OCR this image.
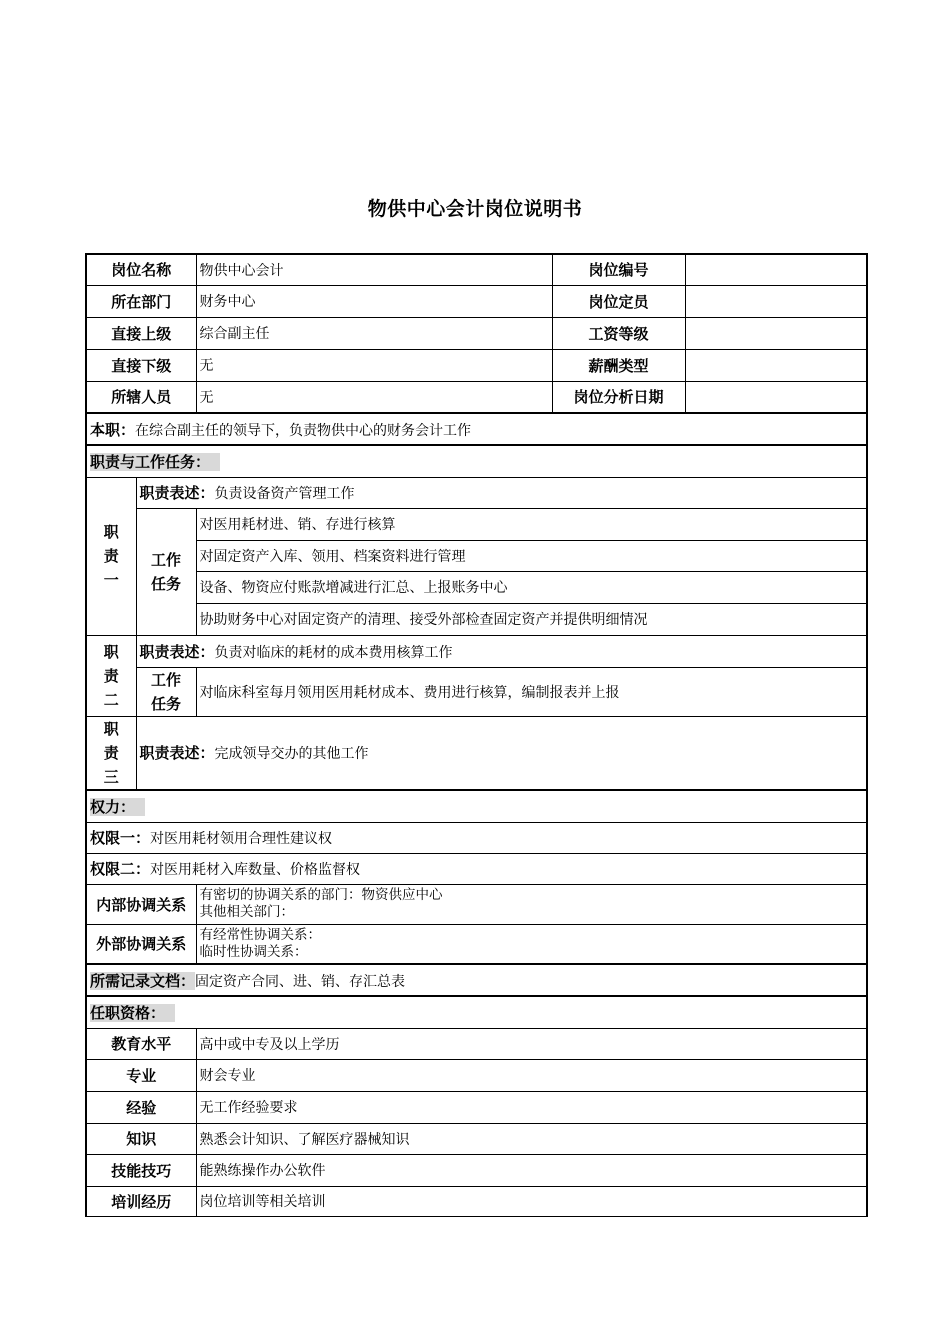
物供中心会计岗位说明书
岗位名称		物供中心会计	岗位编号	
所在部门		财务中心	岗位定员	
直接上级		综合副主任	工资等级	
直接下级		无	薪酬类型	
所辖人员		无	岗位分析日期	
本职：在综合副主任的领导下，负责物供中心的财务会计工作				
职责与工作任务：				

职
责
一	职责表述：负责设备资产管理工作			

	工作
任务	对医用耗材进、销、存进行核算		
		对固定资产入库、领用、档案资料进行管理		
		设备、物资应付账款增减进行汇总、上报账务中心		
		协助财务中心对固定资产的清理、接受外部检查固定资产并提供明细情况		

职
责
二	职责表述：负责对临床的耗材的成本费用核算工作			

	工作
任务	对临床科室每月领用医用耗材成本、费用进行核算，编制报表并上报		

职
责
三	职责表述：完成领导交办的其他工作			
权力：				
权限一：对医用耗材领用合理性建议权				
权限二：对医用耗材入库数量、价格监督权				
内部协调关系		有密切的协调关系的部门：物资供应中心
其他相关部门：		

外部协调关系		有经常性协调关系：
临时性协调关系：		

所需记录文档：固定资产合同、进、销、存汇总表				
任职资格：				
教育水平		高中或中专及以上学历		
专业		财会专业		
经验		无工作经验要求		
知识		熟悉会计知识、了解医疗器械知识		
技能技巧		能熟练操作办公软件		
培训经历		岗位培训等相关培训		
